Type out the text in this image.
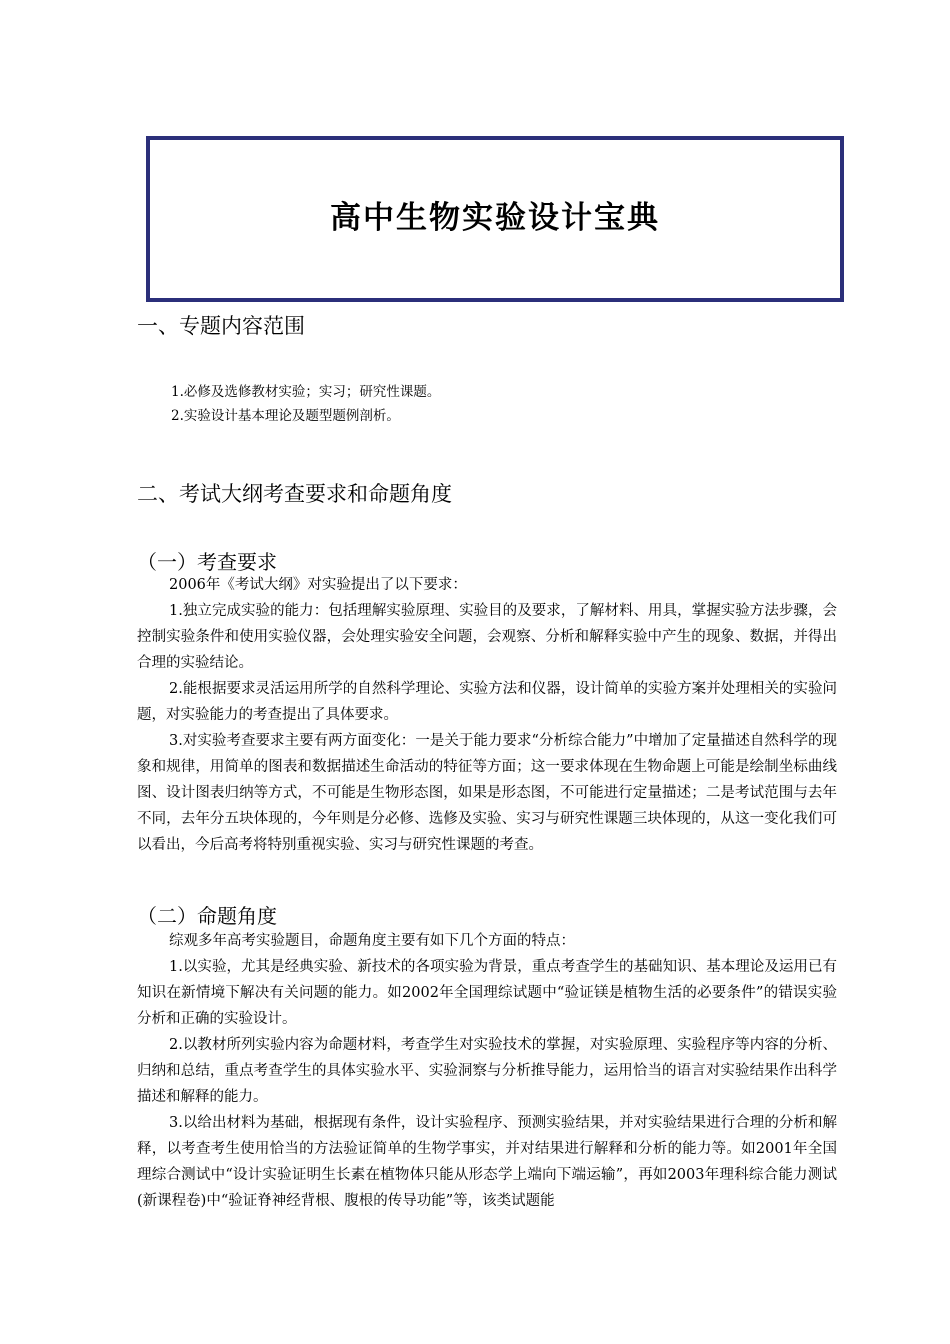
高中生物实验设计宝典
一、专题内容范围
1.必修及选修教材实验；实习；研究性课题。
2.实验设计基本理论及题型题例剖析。
二、考试大纲考查要求和命题角度
（一）考查要求

2006年《考试大纲》对实验提出了以下要求：

1.独立完成实验的能力：包括理解实验原理、实验目的及要求，了解材料、用具，掌握实验方法步骤，会控制实验条件和使用实验仪器，会处理实验安全问题，会观察、分析和解释实验中产生的现象、数据，并得出合理的实验结论。

2.能根据要求灵活运用所学的自然科学理论、实验方法和仪器，设计简单的实验方案并处理相关的实验问题，对实验能力的考查提出了具体要求。

3.对实验考查要求主要有两方面变化：一是关于能力要求“分析综合能力”中增加了定量描述自然科学的现象和规律，用简单的图表和数据描述生命活动的特征等方面；这一要求体现在生物命题上可能是绘制坐标曲线图、设计图表归纳等方式，不可能是生物形态图，如果是形态图，不可能进行定量描述；二是考试范围与去年不同，去年分五块体现的，今年则是分必修、选修及实验、实习与研究性课题三块体现的，从这一变化我们可以看出，今后高考将特别重视实验、实习与研究性课题的考查。

（二）命题角度

综观多年高考实验题目，命题角度主要有如下几个方面的特点：

1.以实验，尤其是经典实验、新技术的各项实验为背景，重点考查学生的基础知识、基本理论及运用已有知识在新情境下解决有关问题的能力。如2002年全国理综试题中“验证镁是植物生活的必要条件”的错误实验分析和正确的实验设计。

2.以教材所列实验内容为命题材料，考查学生对实验技术的掌握，对实验原理、实验程序等内容的分析、归纳和总结，重点考查学生的具体实验水平、实验洞察与分析推导能力，运用恰当的语言对实验结果作出科学描述和解释的能力。

3.以给出材料为基础，根据现有条件，设计实验程序、预测实验结果，并对实验结果进行合理的分析和解释，以考查考生使用恰当的方法验证简单的生物学事实，并对结果进行解释和分析的能力等。如2001年全国理综合测试中“设计实验证明生长素在植物体只能从形态学上端向下端运输”，再如2003年理科综合能力测试(新课程卷)中“验证脊神经背根、腹根的传导功能”等，该类试题能
